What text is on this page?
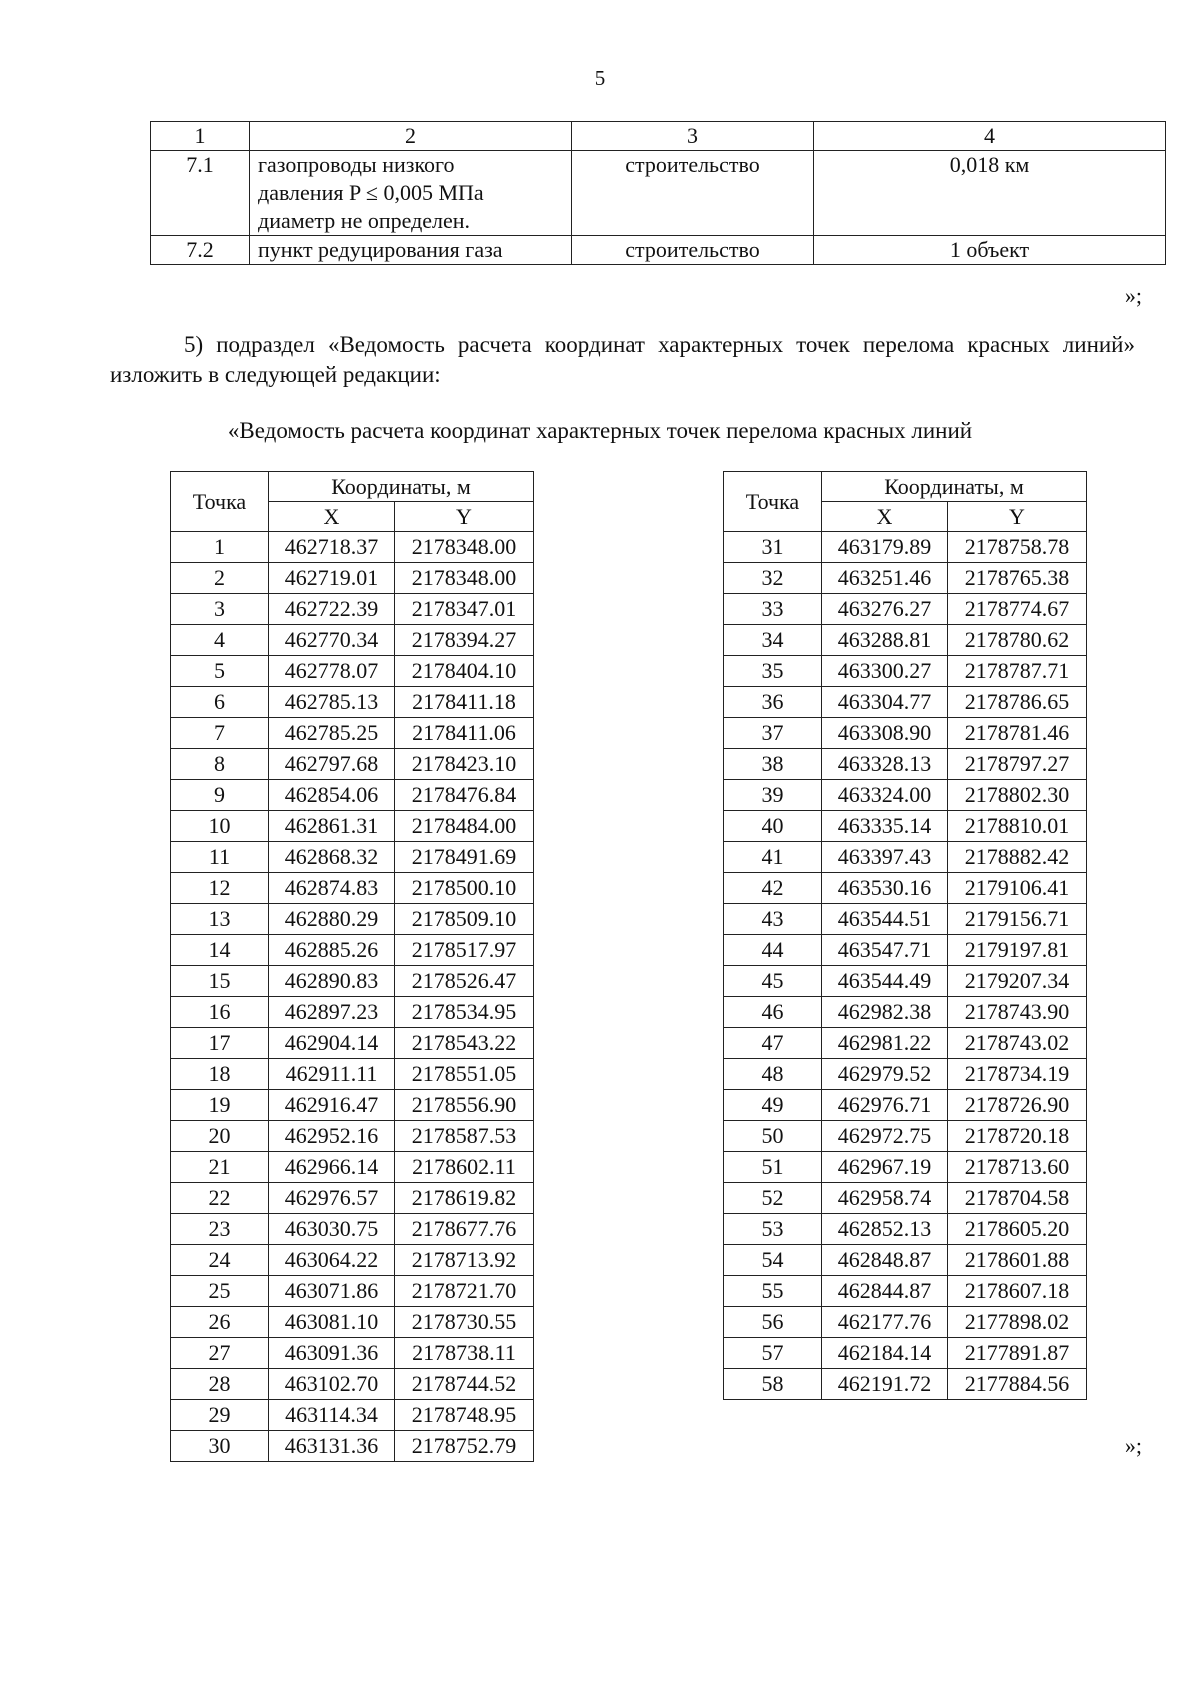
5
1	2	3	4
7.1	газопроводы низкого
давления P ≤ 0,005 МПа
диаметр не определен.	строительство	0,018 км
7.2	пункт редуцирования газа	строительство	1 объект
»;
5) подраздел «Ведомость расчета координат характерных точек перелома красных линий» изложить в следующей редакции:
«Ведомость расчета координат характерных точек перелома красных линий
Точка	Координаты, м	
	X	Y
1	462718.37	2178348.00
2	462719.01	2178348.00
3	462722.39	2178347.01
4	462770.34	2178394.27
5	462778.07	2178404.10
6	462785.13	2178411.18
7	462785.25	2178411.06
8	462797.68	2178423.10
9	462854.06	2178476.84
10	462861.31	2178484.00
11	462868.32	2178491.69
12	462874.83	2178500.10
13	462880.29	2178509.10
14	462885.26	2178517.97
15	462890.83	2178526.47
16	462897.23	2178534.95
17	462904.14	2178543.22
18	462911.11	2178551.05
19	462916.47	2178556.90
20	462952.16	2178587.53
21	462966.14	2178602.11
22	462976.57	2178619.82
23	463030.75	2178677.76
24	463064.22	2178713.92
25	463071.86	2178721.70
26	463081.10	2178730.55
27	463091.36	2178738.11
28	463102.70	2178744.52
29	463114.34	2178748.95
30	463131.36	2178752.79
Точка	Координаты, м	
	X	Y
31	463179.89	2178758.78
32	463251.46	2178765.38
33	463276.27	2178774.67
34	463288.81	2178780.62
35	463300.27	2178787.71
36	463304.77	2178786.65
37	463308.90	2178781.46
38	463328.13	2178797.27
39	463324.00	2178802.30
40	463335.14	2178810.01
41	463397.43	2178882.42
42	463530.16	2179106.41
43	463544.51	2179156.71
44	463547.71	2179197.81
45	463544.49	2179207.34
46	462982.38	2178743.90
47	462981.22	2178743.02
48	462979.52	2178734.19
49	462976.71	2178726.90
50	462972.75	2178720.18
51	462967.19	2178713.60
52	462958.74	2178704.58
53	462852.13	2178605.20
54	462848.87	2178601.88
55	462844.87	2178607.18
56	462177.76	2177898.02
57	462184.14	2177891.87
58	462191.72	2177884.56
»;
